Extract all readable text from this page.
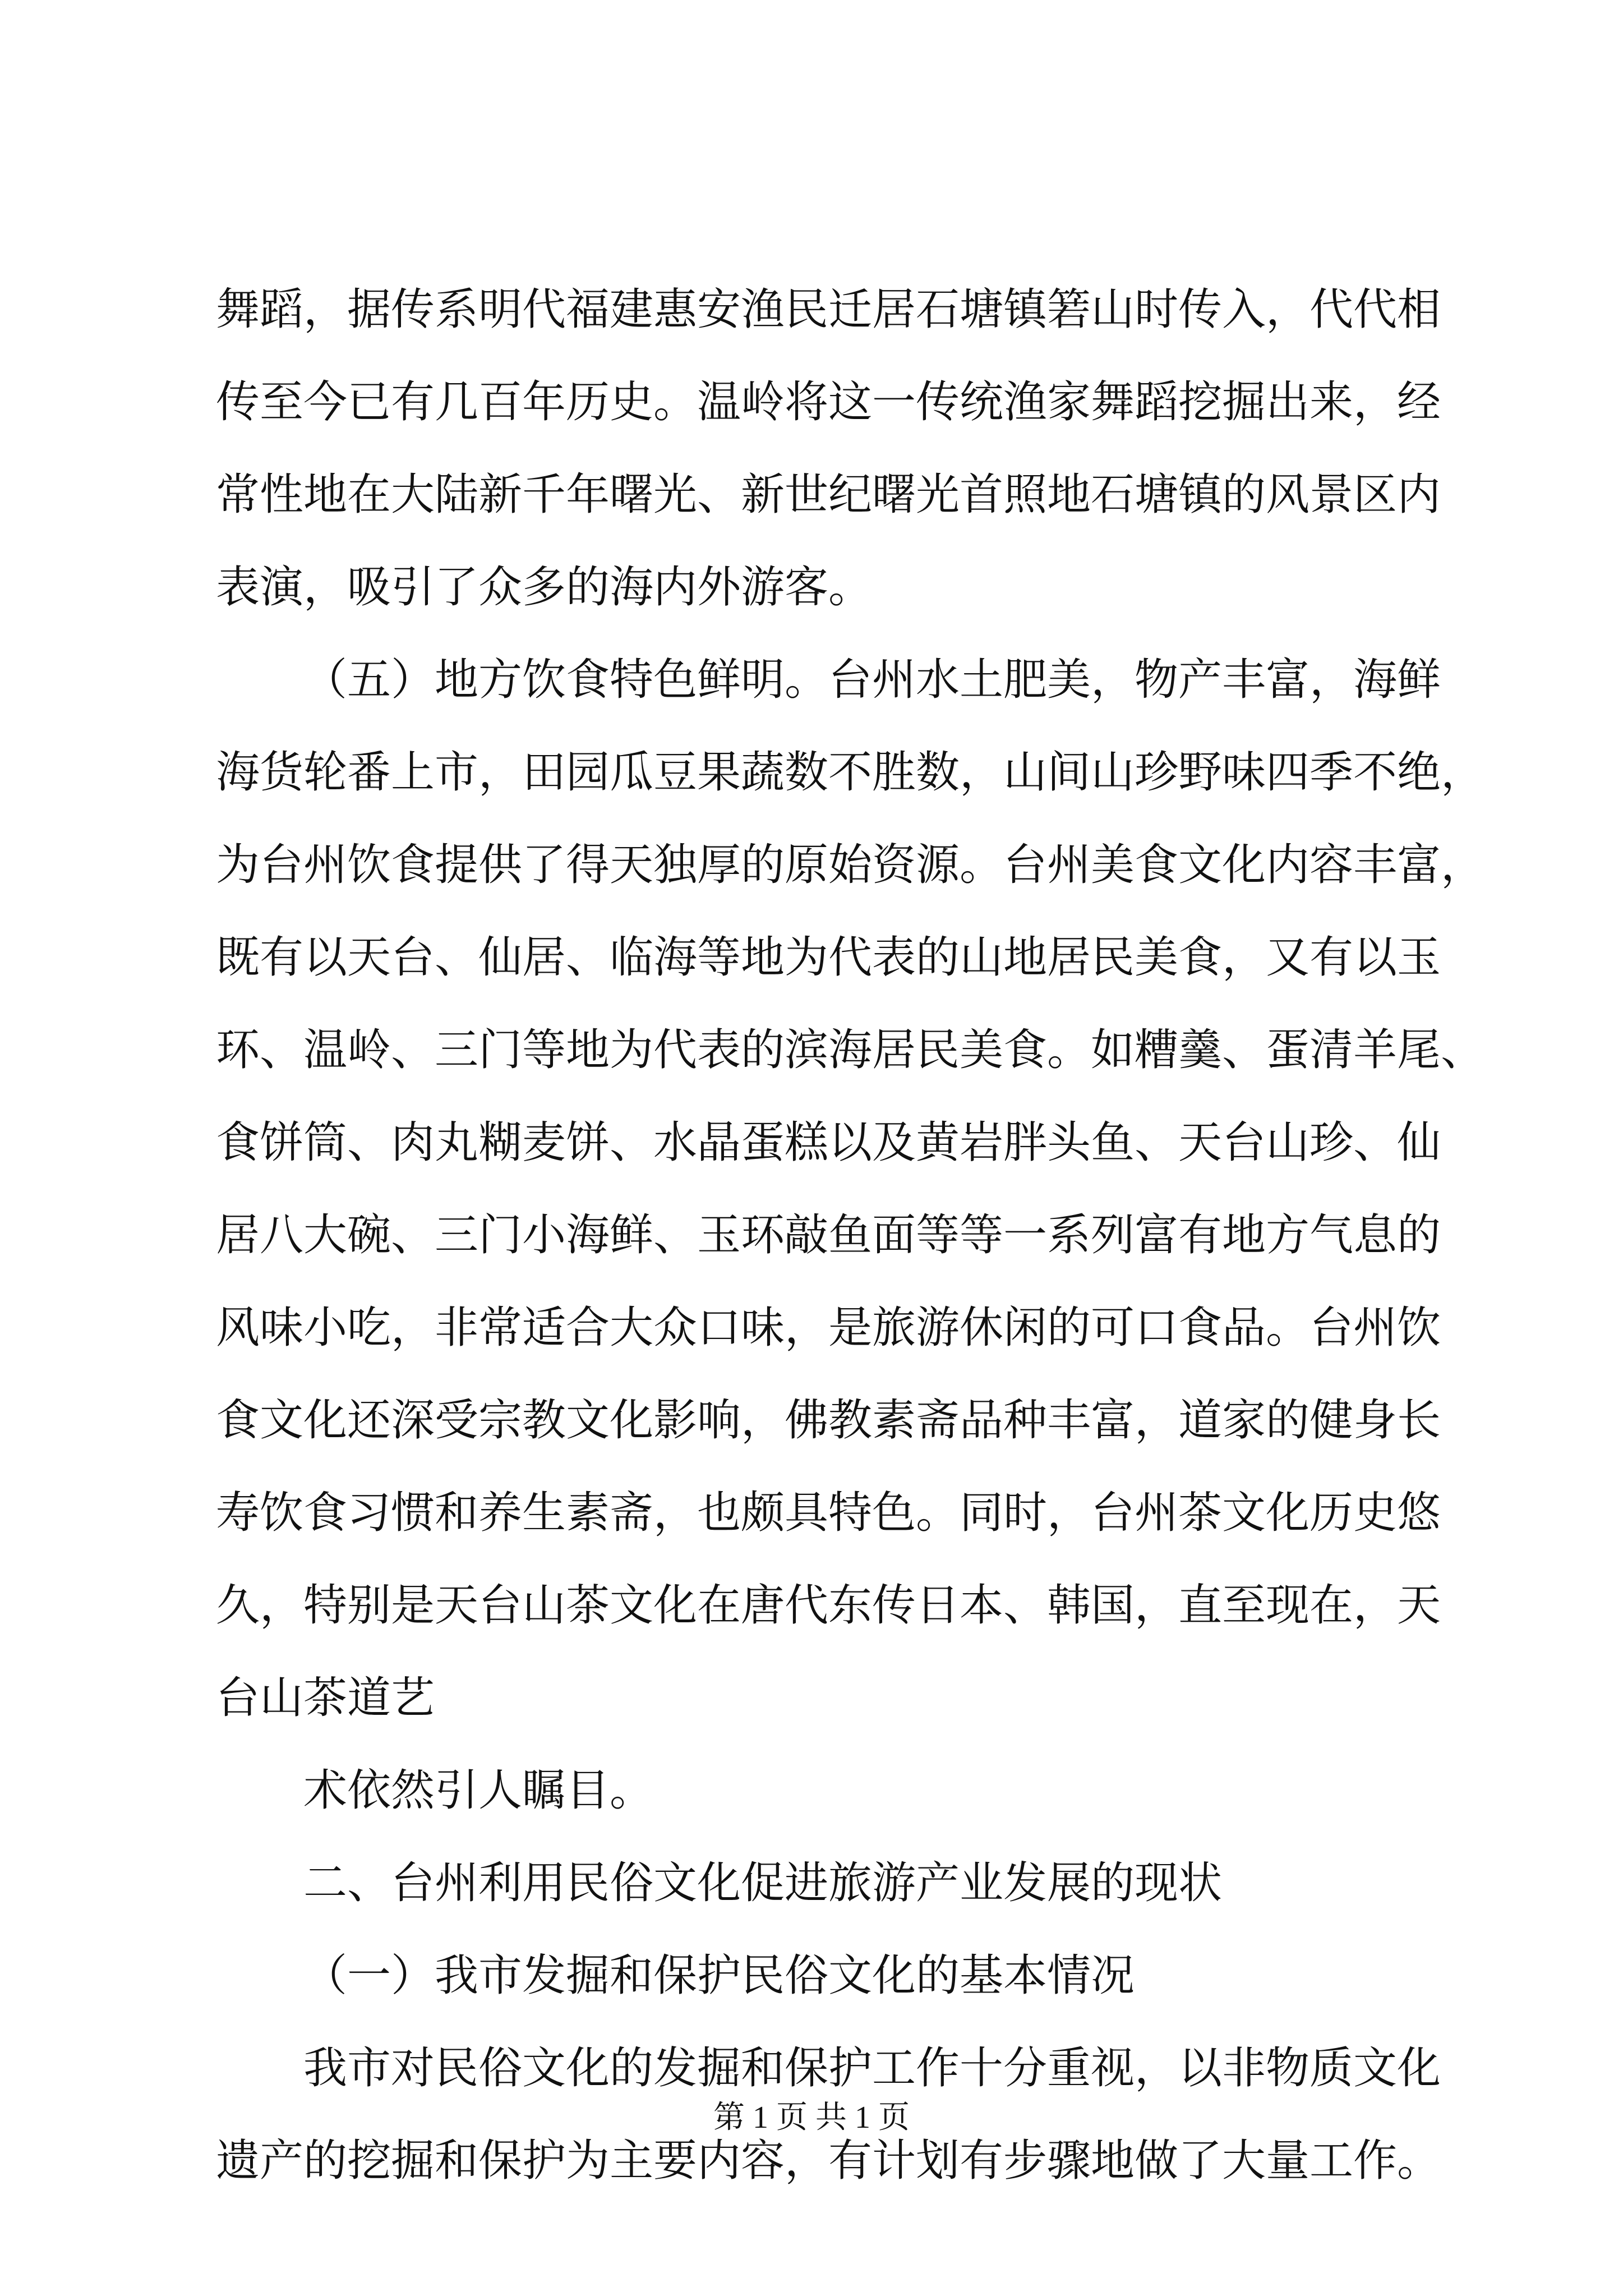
舞蹈，据传系明代福建惠安渔民迁居石塘镇箬山时传入，代代相
传至今已有几百年历史。温岭将这一传统渔家舞蹈挖掘出来，经
常性地在大陆新千年曙光、新世纪曙光首照地石塘镇的风景区内
表演，吸引了众多的海内外游客。
（五）地方饮食特色鲜明。台州水土肥美，物产丰富，海鲜
海货轮番上市，田园瓜豆果蔬数不胜数，山间山珍野味四季不绝，
为台州饮食提供了得天独厚的原始资源。台州美食文化内容丰富，
既有以天台、仙居、临海等地为代表的山地居民美食，又有以玉
环、温岭、三门等地为代表的滨海居民美食。如糟羹、蛋清羊尾、
食饼筒、肉丸糊麦饼、水晶蛋糕以及黄岩胖头鱼、天台山珍、仙
居八大碗、三门小海鲜、玉环敲鱼面等等一系列富有地方气息的
风味小吃，非常适合大众口味，是旅游休闲的可口食品。台州饮
食文化还深受宗教文化影响，佛教素斋品种丰富，道家的健身长
寿饮食习惯和养生素斋，也颇具特色。同时，台州茶文化历史悠
久，特别是天台山茶文化在唐代东传日本、韩国，直至现在，天
台山茶道艺
术依然引人瞩目。
二、台州利用民俗文化促进旅游产业发展的现状
（一）我市发掘和保护民俗文化的基本情况
我市对民俗文化的发掘和保护工作十分重视，以非物质文化
遗产的挖掘和保护为主要内容，有计划有步骤地做了大量工作。
第 1 页 共 1 页
